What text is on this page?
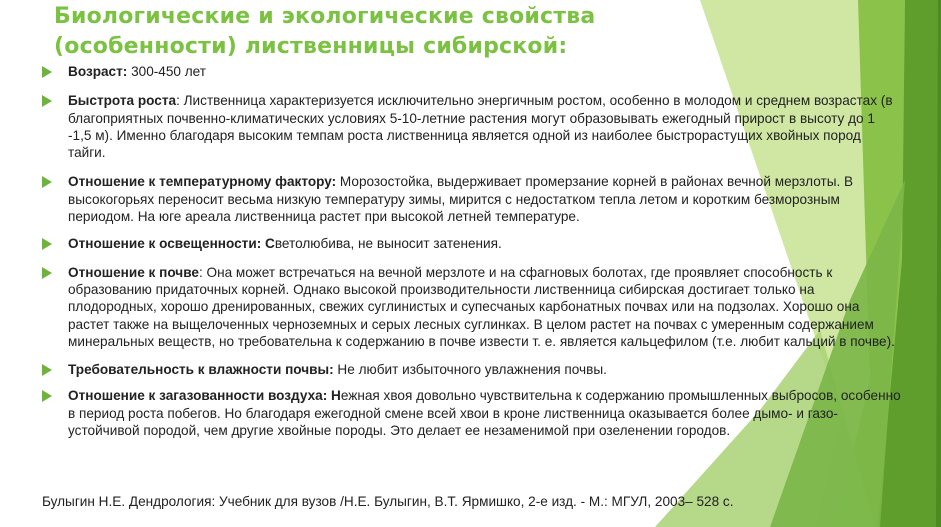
Биологические и экологические свойства
(особенности) лиственницы сибирской:
Возраст: 300-450 лет
Быстрота роста: Лиственница характеризуется исключительно энергичным ростом, особенно в молодом и среднем возрастах (в благоприятных почвенно-климатических условиях 5-10-летние растения могут образовывать ежегодный прирост в высоту до 1 -1,5 м). Именно благодаря высоким темпам роста лиственница является одной из наиболее быстрорастущих хвойных пород тайги.
Отношение к температурному фактору: Морозостойка, выдерживает промерзание корней в районах вечной мерзлоты. В высокогорьях переносит весьма низкую температуру зимы, мирится с недостатком тепла летом и коротким безморозным периодом. На юге ареала лиственница растет при высокой летней температуре.
Отношение к освещенности: Светолюбива, не выносит затенения.
Отношение к почве: Она может встречаться на вечной мерзлоте и на сфагновых болотах, где проявляет способность к образованию придаточных корней. Однако высокой производительности лиственница сибирская достигает только на плодородных, хорошо дренированных, свежих суглинистых и супесчаных карбонатных почвах или на подзолах. Хорошо она растет также на выщелоченных черноземных и серых лесных суглинках. В целом растет на почвах с умеренным содержанием минеральных веществ, но требовательна к содержанию в почве извести т. е. является кальцефилом (т.е. любит кальций в почве).
Требовательность к влажности почвы: Не любит избыточного увлажнения почвы.
Отношение к загазованности воздуха: Нежная хвоя довольно чувствительна к содержанию промышленных выбросов, особенно в период роста побегов. Но благодаря ежегодной смене всей хвои в кроне лиственница оказывается более дымо- и газо-устойчивой породой, чем другие хвойные породы. Это делает ее незаменимой при озеленении городов.
Булыгин Н.Е. Дендрология: Учебник для вузов /Н.Е. Булыгин, В.Т. Ярмишко, 2-е изд. - М.: МГУЛ, 2003– 528 с.
